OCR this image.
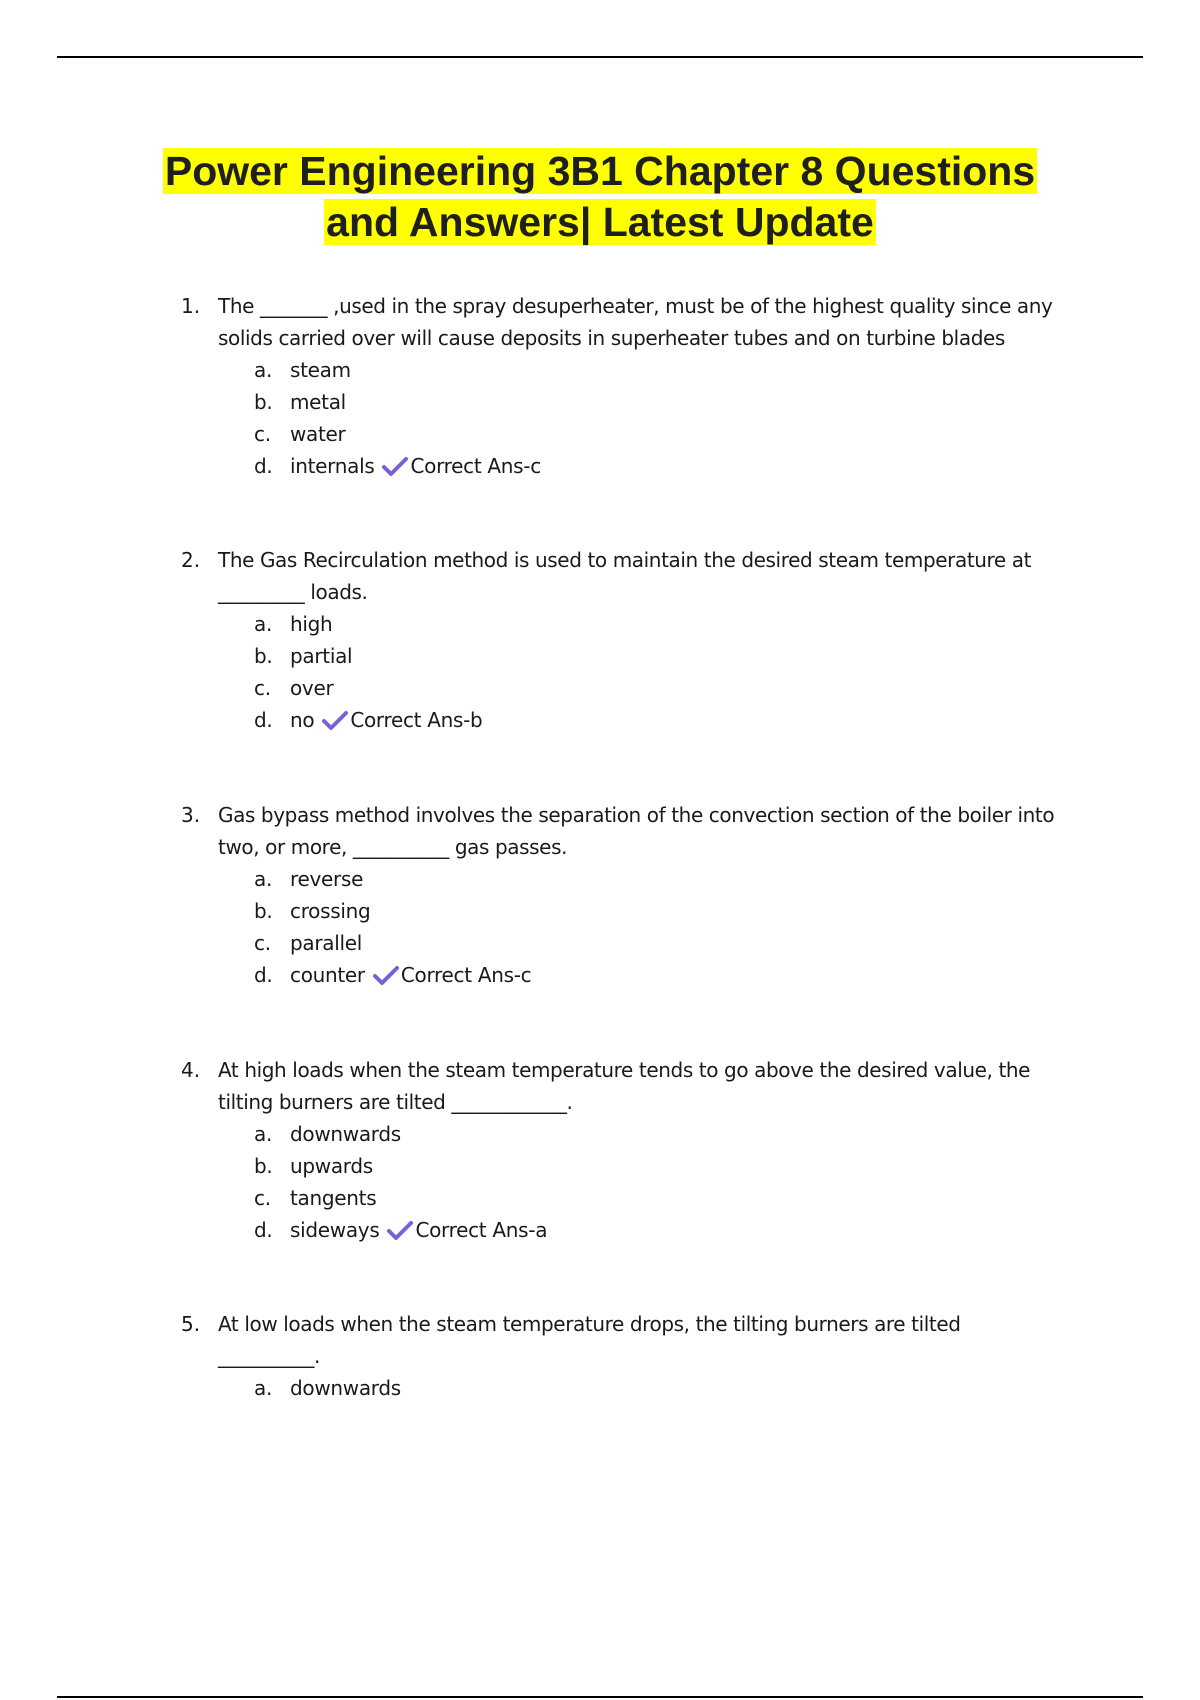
Power Engineering 3B1 Chapter 8 Questions
and Answers| Latest Update
1. The _______ ,used in the spray desuperheater, must be of the highest quality since any solids carried over will cause deposits in superheater tubes and on turbine blades
a. steam
b. metal
c. water
d. internals Correct Ans-c
2. The Gas Recirculation method is used to maintain the desired steam temperature at _________ loads.
a. high
b. partial
c. over
d. no Correct Ans-b
3. Gas bypass method involves the separation of the convection section of the boiler into two, or more, __________ gas passes.
a. reverse
b. crossing
c. parallel
d. counter Correct Ans-c
4. At high loads when the steam temperature tends to go above the desired value, the tilting burners are tilted ____________.
a. downwards
b. upwards
c. tangents
d. sideways Correct Ans-a
5. At low loads when the steam temperature drops, the tilting burners are tilted __________.
a. downwards
